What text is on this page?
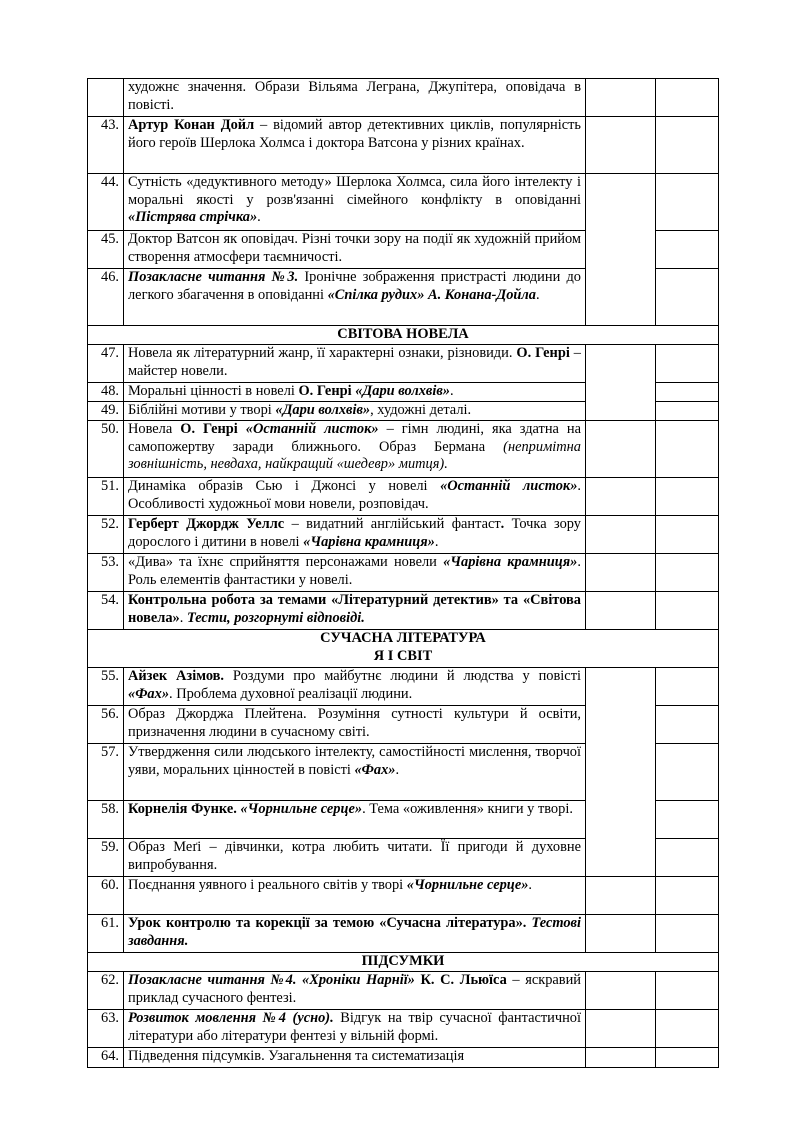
	художнє значення. Образи Вільяма Леграна, Джупітера, оповідача в повісті.		
43.	Артур Конан Дойл – відомий автор детективних циклів, популярність його героїв Шерлока Холмса і доктора Ватсона у різних країнах.		
44.	Сутність «дедуктивного методу» Шерлока Холмса, сила його інтелекту і моральні якості у розв'язанні сімейного конфлікту в оповіданні «Пістрява стрічка».		
45.	Доктор Ватсон як оповідач. Різні точки зору на події як художній прийом створення атмосфери таємничості.		
46.	Позакласне читання №3. Іронічне зображення пристрасті людини до легкого збагачення в оповіданні «Спілка рудих» А. Конана-Дойла.		

СВІТОВА НОВЕЛА			

47.	Новела як літературний жанр, її характерні ознаки, різновиди. О. Генрі – майстер новели.		
48.	Моральні цінності в новелі О. Генрі «Дари волхвів».		
49.	Біблійні мотиви у творі «Дари волхвів», художні деталі.		
50.	Новела О. Генрі «Останній листок» – гімн людині, яка здатна на самопожертву заради ближнього. Образ Бермана (непримітна зовнішність, невдаха, найкращий «шедевр» митця).		
51.	Динаміка образів Сью і Джонсі у новелі «Останній листок». Особливості художньої мови новели, розповідач.		
52.	Герберт Джордж Уеллс – видатний англійський фантаст. Точка зору дорослого і дитини в новелі «Чарівна крамниця».		
53.	«Дива» та їхнє сприйняття персонажами новели «Чарівна крамниця». Роль елементів фантастики у новелі.		
54.	Контрольна робота за темами «Літературний детектив» та «Світова новела». Тести, розгорнуті відповіді.		

СУЧАСНА ЛІТЕРАТУРА
Я І СВІТ			

55.	Айзек Азімов. Роздуми про майбутнє людини й людства у повісті «Фах». Проблема духовної реалізації людини.		
56.	Образ Джорджа Плейтена. Розуміння сутності культури й освіти, призначення людини в сучасному світі.		
57.	Утвердження сили людського інтелекту, самостійності мислення, творчої уяви, моральних цінностей в повісті «Фах».		
58.	Корнелія Функе. «Чорнильне серце». Тема «оживлення» книги у творі.		
59.	Образ Меґі – дівчинки, котра любить читати. Її пригоди й духовне випробування.		
60.	Поєднання уявного і реального світів у творі «Чорнильне серце».		
61.	Урок контролю та корекції за темою «Сучасна література». Тестові завдання.		

ПІДСУМКИ			

62.	Позакласне читання №4. «Хроніки Нарнії» К. С. Льюїса – яскравий приклад сучасного фентезі.		
63.	Розвиток мовлення №4 (усно). Відгук на твір сучасної фантастичної літератури або літератури фентезі у вільній формі.		
64.	Підведення підсумків. Узагальнення та систематизація		
